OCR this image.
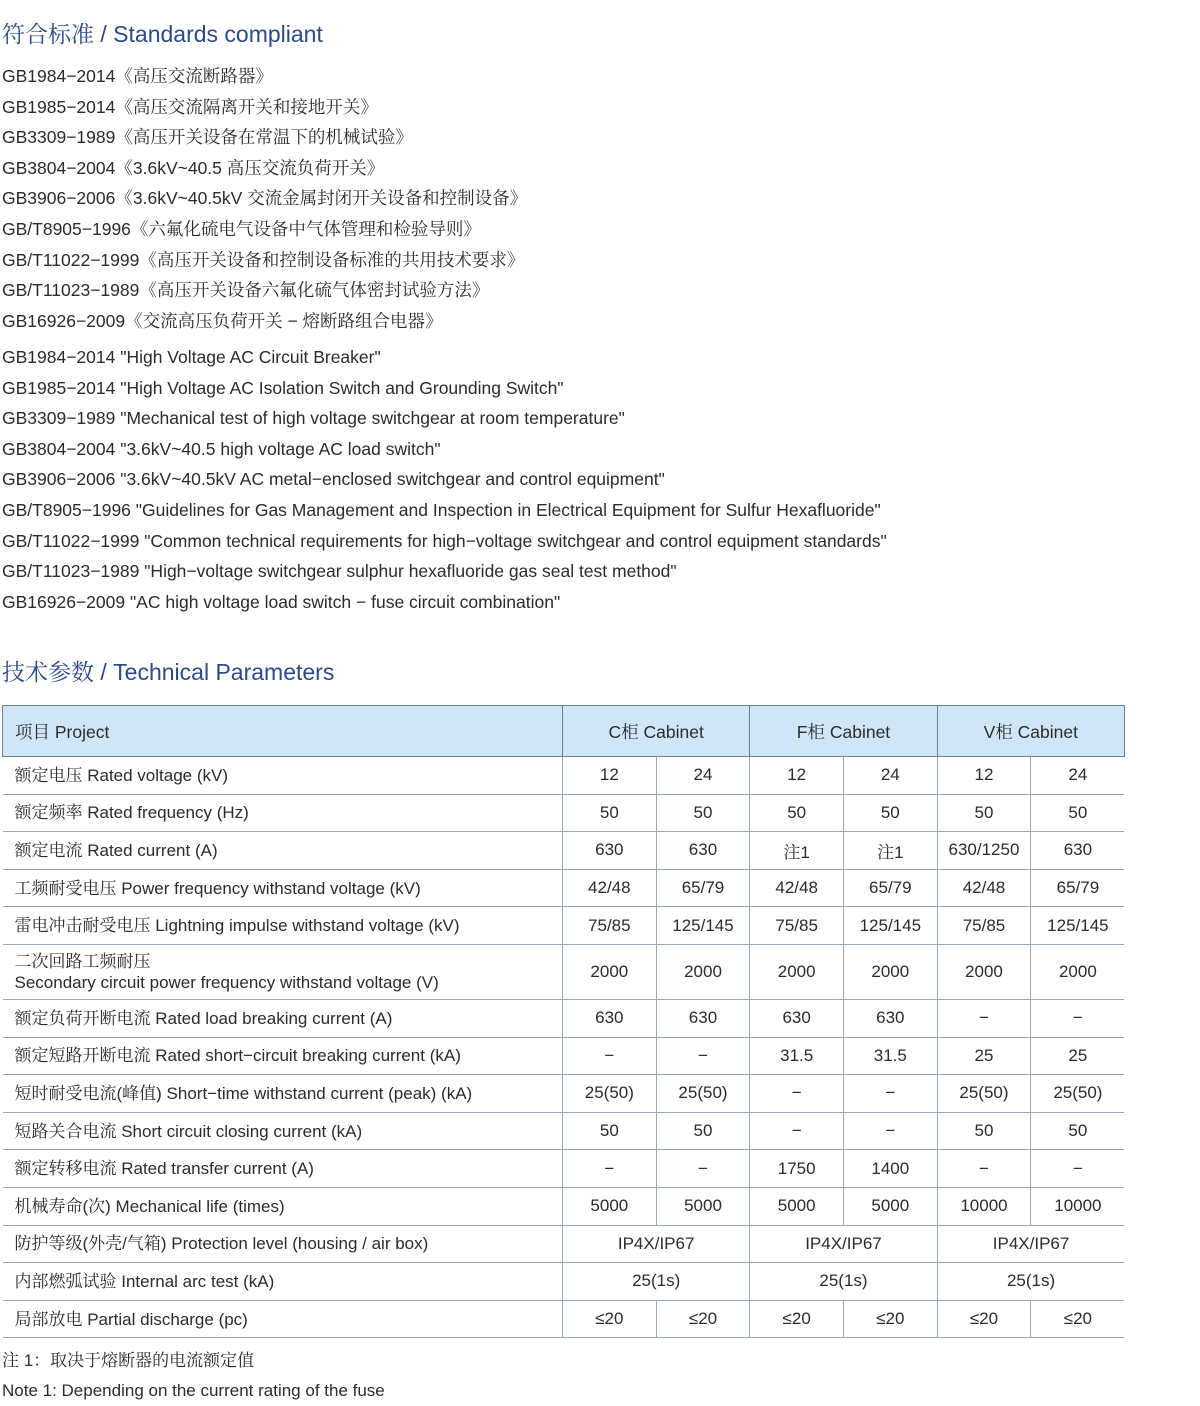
符合标准 / Standards compliant
GB1984−2014《高压交流断路器》
GB1985−2014《高压交流隔离开关和接地开关》
GB3309−1989《高压开关设备在常温下的机械试验》
GB3804−2004《3.6kV~40.5 高压交流负荷开关》
GB3906−2006《3.6kV~40.5kV 交流金属封闭开关设备和控制设备》
GB/T8905−1996《六氟化硫电气设备中气体管理和检验导则》
GB/T11022−1999《高压开关设备和控制设备标准的共用技术要求》
GB/T11023−1989《高压开关设备六氟化硫气体密封试验方法》
GB16926−2009《交流高压负荷开关 − 熔断路组合电器》
GB1984−2014 "High Voltage AC Circuit Breaker"
GB1985−2014 "High Voltage AC Isolation Switch and Grounding Switch"
GB3309−1989 "Mechanical test of high voltage switchgear at room temperature"
GB3804−2004 "3.6kV~40.5 high voltage AC load switch"
GB3906−2006 "3.6kV~40.5kV AC metal−enclosed switchgear and control equipment"
GB/T8905−1996 "Guidelines for Gas Management and Inspection in Electrical Equipment for Sulfur Hexafluoride"
GB/T11022−1999 "Common technical requirements for high−voltage switchgear and control equipment standards"
GB/T11023−1989 "High−voltage switchgear sulphur hexafluoride gas seal test method"
GB16926−2009 "AC high voltage load switch − fuse circuit combination"
技术参数 / Technical Parameters
项目 Project	C柜 Cabinet		F柜 Cabinet		V柜 Cabinet	

额定电压 Rated voltage (kV)	12	24	12	24	12	24

额定频率 Rated frequency (Hz)	50	50	50	50	50	50

额定电流 Rated current (A)	630	630	注1	注1	630/1250	630

工频耐受电压 Power frequency withstand voltage (kV)	42/48	65/79	42/48	65/79	42/48	65/79

雷电冲击耐受电压 Lightning impulse withstand voltage (kV)	75/85	125/145	75/85	125/145	75/85	125/145

二次回路工频耐压
Secondary circuit power frequency withstand voltage (V)	2000	2000	2000	2000	2000	2000

额定负荷开断电流 Rated load breaking current (A)	630	630	630	630	−	−

额定短路开断电流 Rated short−circuit breaking current (kA)	−	−	31.5	31.5	25	25

短时耐受电流(峰值) Short−time withstand current (peak) (kA)	25(50)	25(50)	−	−	25(50)	25(50)

短路关合电流 Short circuit closing current (kA)	50	50	−	−	50	50

额定转移电流 Rated transfer current (A)	−	−	1750	1400	−	−

机械寿命(次) Mechanical life (times)	5000	5000	5000	5000	10000	10000

防护等级(外壳/气箱) Protection level (housing / air box)	IP4X/IP67		IP4X/IP67		IP4X/IP67	

内部燃弧试验 Internal arc test (kA)	25(1s)		25(1s)		25(1s)	

局部放电 Partial discharge (pc)	≤20	≤20	≤20	≤20	≤20	≤20
注 1：取决于熔断器的电流额定值
Note 1: Depending on the current rating of the fuse
